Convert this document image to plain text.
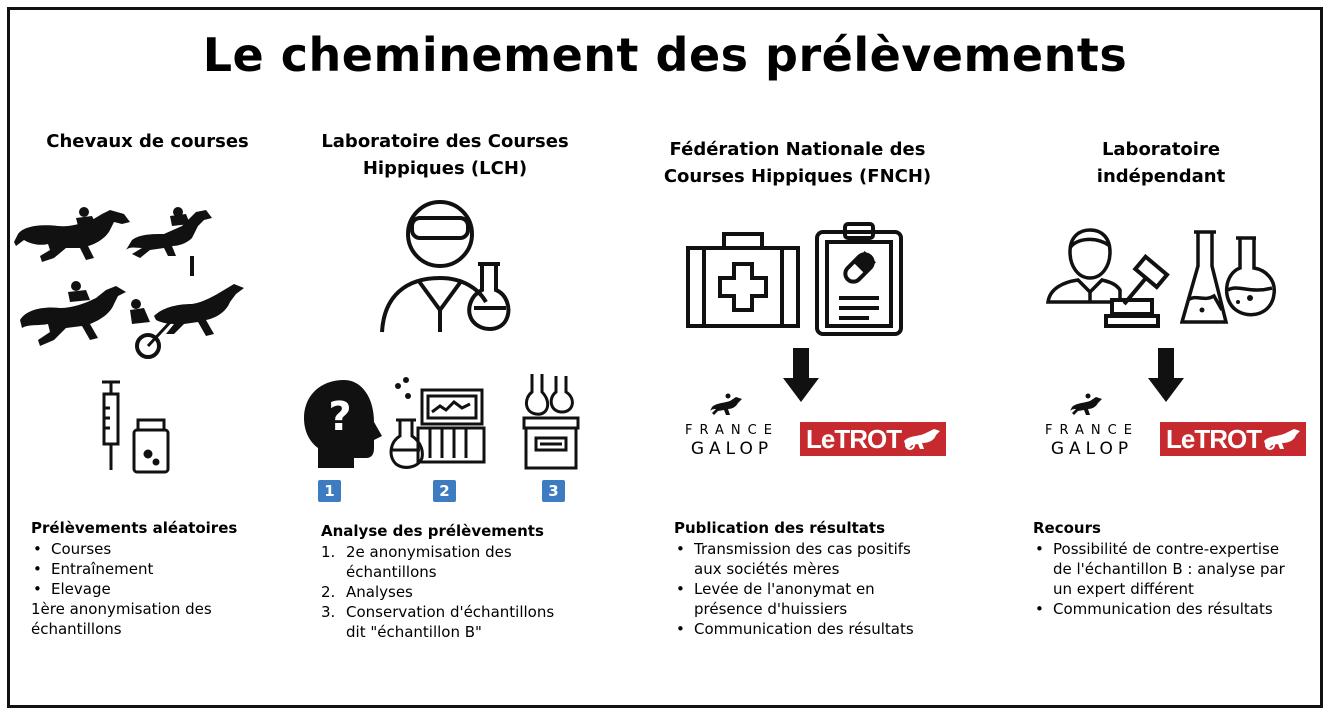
Le cheminement des prélèvements
Chevaux de courses
Prélèvements aléatoires
• Courses
• Entraînement
• Elevage
1ère anonymisation des
échantillons
Laboratoire des Courses
Hippiques (LCH)
?
1	2	3
Analyse des prélèvements
1. 2e anonymisation des
échantillons
2. Analyses
3. Conservation d'échantillons
dit "échantillon B"
Fédération Nationale des
Courses Hippiques (FNCH)
FRANCE
GALOP	LeTROT
Publication des résultats
• Transmission des cas positifs
aux sociétés mères
• Levée de l'anonymat en
présence d'huissiers
• Communication des résultats
Laboratoire
indépendant
FRANCE
GALOP	LeTROT
Recours
• Possibilité de contre-expertise
de l'échantillon B : analyse par
un expert différent
• Communication des résultats
